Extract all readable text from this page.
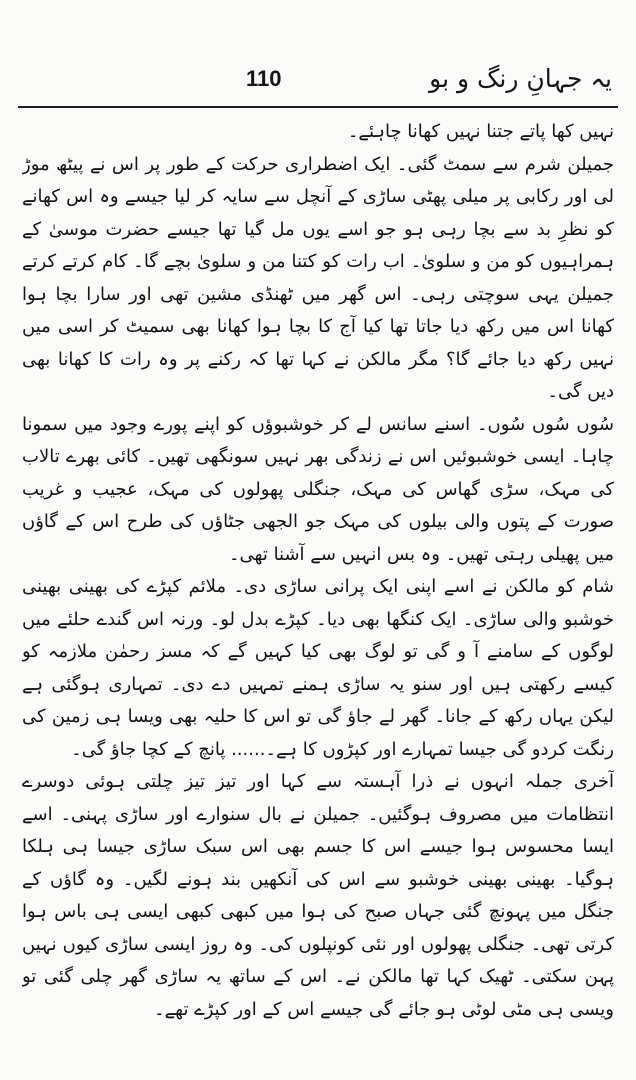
یہ جہانِ رنگ و بو
110

نہیں کھا پاتے جتنا نہیں کھانا چاہئے۔

جمیلن شرم سے سمٹ گئی۔ ایک اضطراری حرکت کے طور پر اس نے پیٹھ موڑ لی اور رکابی پر میلی پھٹی ساڑی کے آنچل سے سایہ کر لیا جیسے وہ اس کھانے کو نظرِ بد سے بچا رہی ہو جو اسے یوں مل گیا تھا جیسے حضرت موسیٰ کے ہمراہیوں کو من و سلویٰ۔ اب رات کو کتنا من و سلویٰ بچے گا۔ کام کرتے کرتے جمیلن یہی سوچتی رہی۔ اس گھر میں ٹھنڈی مشین تھی اور سارا بچا ہوا کھانا اس میں رکھ دیا جاتا تھا کیا آج کا بچا ہوا کھانا بھی سمیٹ کر اسی میں نہیں رکھ دیا جائے گا؟ مگر مالکن نے کہا تھا کہ رکنے پر وہ رات کا کھانا بھی دیں گی۔

سُوں سُوں سُوں۔ اسنے سانس لے کر خوشبوؤں کو اپنے پورے وجود میں سمونا چاہا۔ ایسی خوشبوئیں اس نے زندگی بھر نہیں سونگھی تھیں۔ کائی بھرے تالاب کی مہک، سڑی گھاس کی مہک، جنگلی پھولوں کی مہک، عجیب و غریب صورت کے پتوں والی بیلوں کی مہک جو الجھی جٹاؤں کی طرح اس کے گاؤں میں پھیلی رہتی تھیں۔ وہ بس انہیں سے آشنا تھی۔

شام کو مالکن نے اسے اپنی ایک پرانی ساڑی دی۔ ملائم کپڑے کی بھینی بھینی خوشبو والی ساڑی۔ ایک کنگھا بھی دیا۔ کپڑے بدل لو۔ ورنہ اس گندے حلئے میں لوگوں کے سامنے آ و گی تو لوگ بھی کیا کہیں گے کہ مسز رحمٰن ملازمہ کو کیسے رکھتی ہیں اور سنو یہ ساڑی ہمنے تمہیں دے دی۔ تمہاری ہوگئی ہے لیکن یہاں رکھ کے جانا۔ گھر لے جاؤ گی تو اس کا حلیہ بھی ویسا ہی زمین کی رنگت کردو گی جیسا تمہارے اور کپڑوں کا ہے۔...... پانچ کے کچا جاؤ گی۔

آخری جملہ انہوں نے ذرا آہستہ سے کہا اور تیز تیز چلتی ہوئی دوسرے انتظامات میں مصروف ہوگئیں۔ جمیلن نے بال سنوارے اور ساڑی پہنی۔ اسے ایسا محسوس ہوا جیسے اس کا جسم بھی اس سبک ساڑی جیسا ہی ہلکا ہوگیا۔ بھینی بھینی خوشبو سے اس کی آنکھیں بند ہونے لگیں۔ وہ گاؤں کے جنگل میں پہونچ گئی جہاں صبح کی ہوا میں کبھی کبھی ایسی ہی باس ہوا کرتی تھی۔ جنگلی پھولوں اور نئی کونپلوں کی۔ وہ روز ایسی ساڑی کیوں نہیں پہن سکتی۔ ٹھیک کہا تھا مالکن نے۔ اس کے ساتھ یہ ساڑی گھر چلی گئی تو ویسی ہی مٹی لوٹی ہو جائے گی جیسے اس کے اور کپڑے تھے۔
